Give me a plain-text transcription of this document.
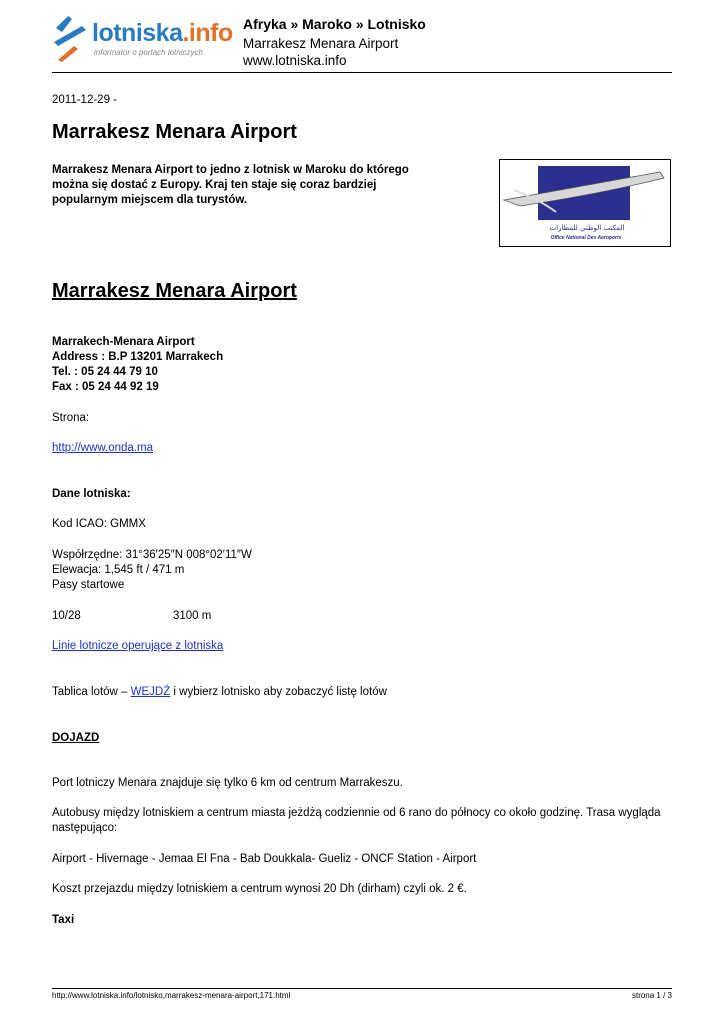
lotniska.info
informator o portach lotniczych
Afryka » Maroko » Lotnisko
Marrakesz Menara Airport
www.lotniska.info
2011-12-29 -
Marrakesz Menara Airport
Marrakesz Menara Airport to jedno z lotnisk w Maroku do którego można się dostać z Europy. Kraj ten staje się coraz bardziej popularnym miejscem dla turystów.
المكتب الوطني للمطارات
Office National Des Aeroports
Marrakesz Menara Airport
Marrakech-Menara Airport
Address : B.P 13201 Marrakech
Tel. : 05 24 44 79 10
Fax : 05 24 44 92 19
Strona:
http://www.onda.ma
Dane lotniska:
Kod ICAO: GMMX
Współrzędne: 31°36′25″N 008°02′11″W
Elewacja: 1,545 ft / 471 m
Pasy startowe
10/28	3100 m
Linie lotnicze operujące z lotniska
Tablica lotów – WEJDŹ i wybierz lotnisko aby zobaczyć listę lotów
DOJAZD
Port lotniczy Menara znajduje się tylko 6 km od centrum Marrakeszu.
Autobusy między lotniskiem a centrum miasta jeżdżą codziennie od 6 rano do północy co około godzinę. Trasa wygląda następująco:
Airport - Hivernage - Jemaa El Fna - Bab Doukkala- Gueliz - ONCF Station - Airport
Koszt przejazdu między lotniskiem a centrum wynosi 20 Dh (dirham) czyli ok. 2 €.
Taxi
http://www.lotniska.info/lotnisko,marrakesz-menara-airport,171.html	strona 1 / 3
